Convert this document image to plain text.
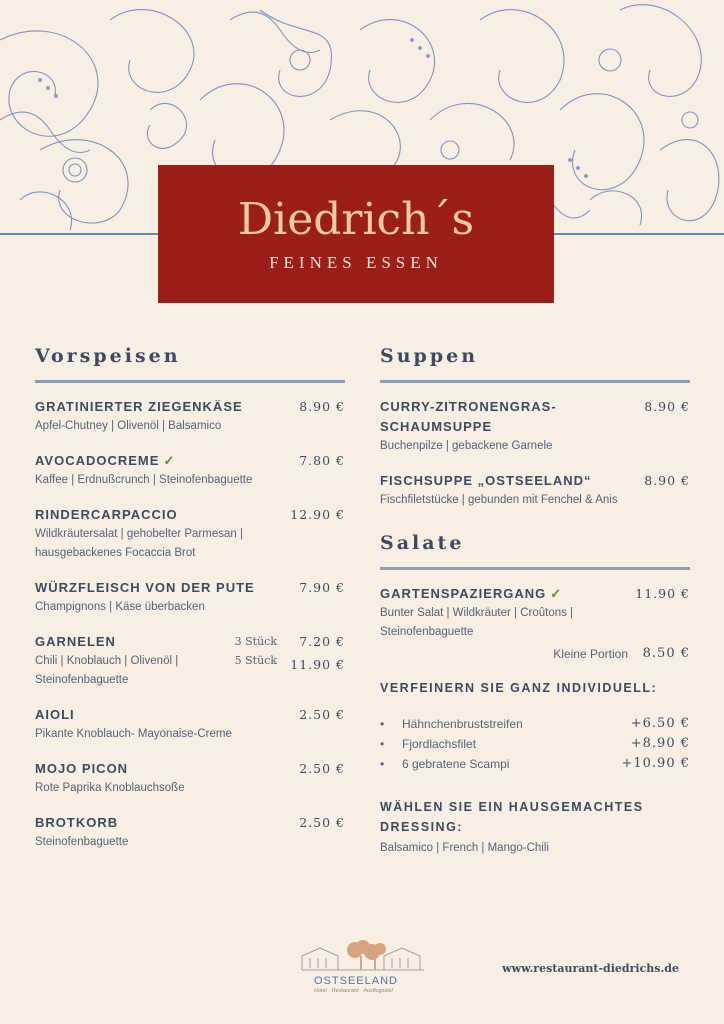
Diedrich´s
FEINES ESSEN
Vorspeisen
GRATINIERTER ZIEGENKÄSE	8.90 €
Apfel-Chutney | Olivenöl | Balsamico
AVOCADOCREME ✓	7.80 €
Kaffee | Erdnußcrunch | Steinofenbaguette
RINDERCARPACCIO	12.90 €
Wildkräutersalat | gehobelter Parmesan | hausgebackenes Focaccia Brot
WÜRZFLEISCH VON DER PUTE	7.90 €
Champignons | Käse überbacken
GARNELEN	3 Stück 7.20 €
5 Stück 11.90 €
Chili | Knoblauch | Olivenöl | Steinofenbaguette
AIOLI	2.50 €
Pikante Knoblauch- Mayonaise-Creme
MOJO PICON	2.50 €
Rote Paprika Knoblauchsoße
BROTKORB	2.50 €
Steinofenbaguette
Suppen
CURRY-ZITRONENGRAS-SCHAUMSUPPE
8.90 €
Buchenpilze | gebackene Garnele
FISCHSUPPE „OSTSEELAND“	8.90 €
Fischfiletstücke | gebunden mit Fenchel & Anis
Salate
GARTENSPAZIERGANG ✓	11.90 €
Bunter Salat | Wildkräuter | Croûtons | Steinofenbaguette
Kleine Portion 8.50 €
VERFEINERN SIE GANZ INDIVIDUELL:
• Hähnchenbruststreifen	+6.50 €
• Fjordlachsfilet	+8.90 €
• 6 gebratene Scampi	+10.90 €
WÄHLEN SIE EIN HAUSGEMACHTES DRESSING:
Balsamico | French | Mango-Chili
OSTSEELAND
Hotel · Restaurant · Ausflugsziel
www.restaurant-diedrichs.de
